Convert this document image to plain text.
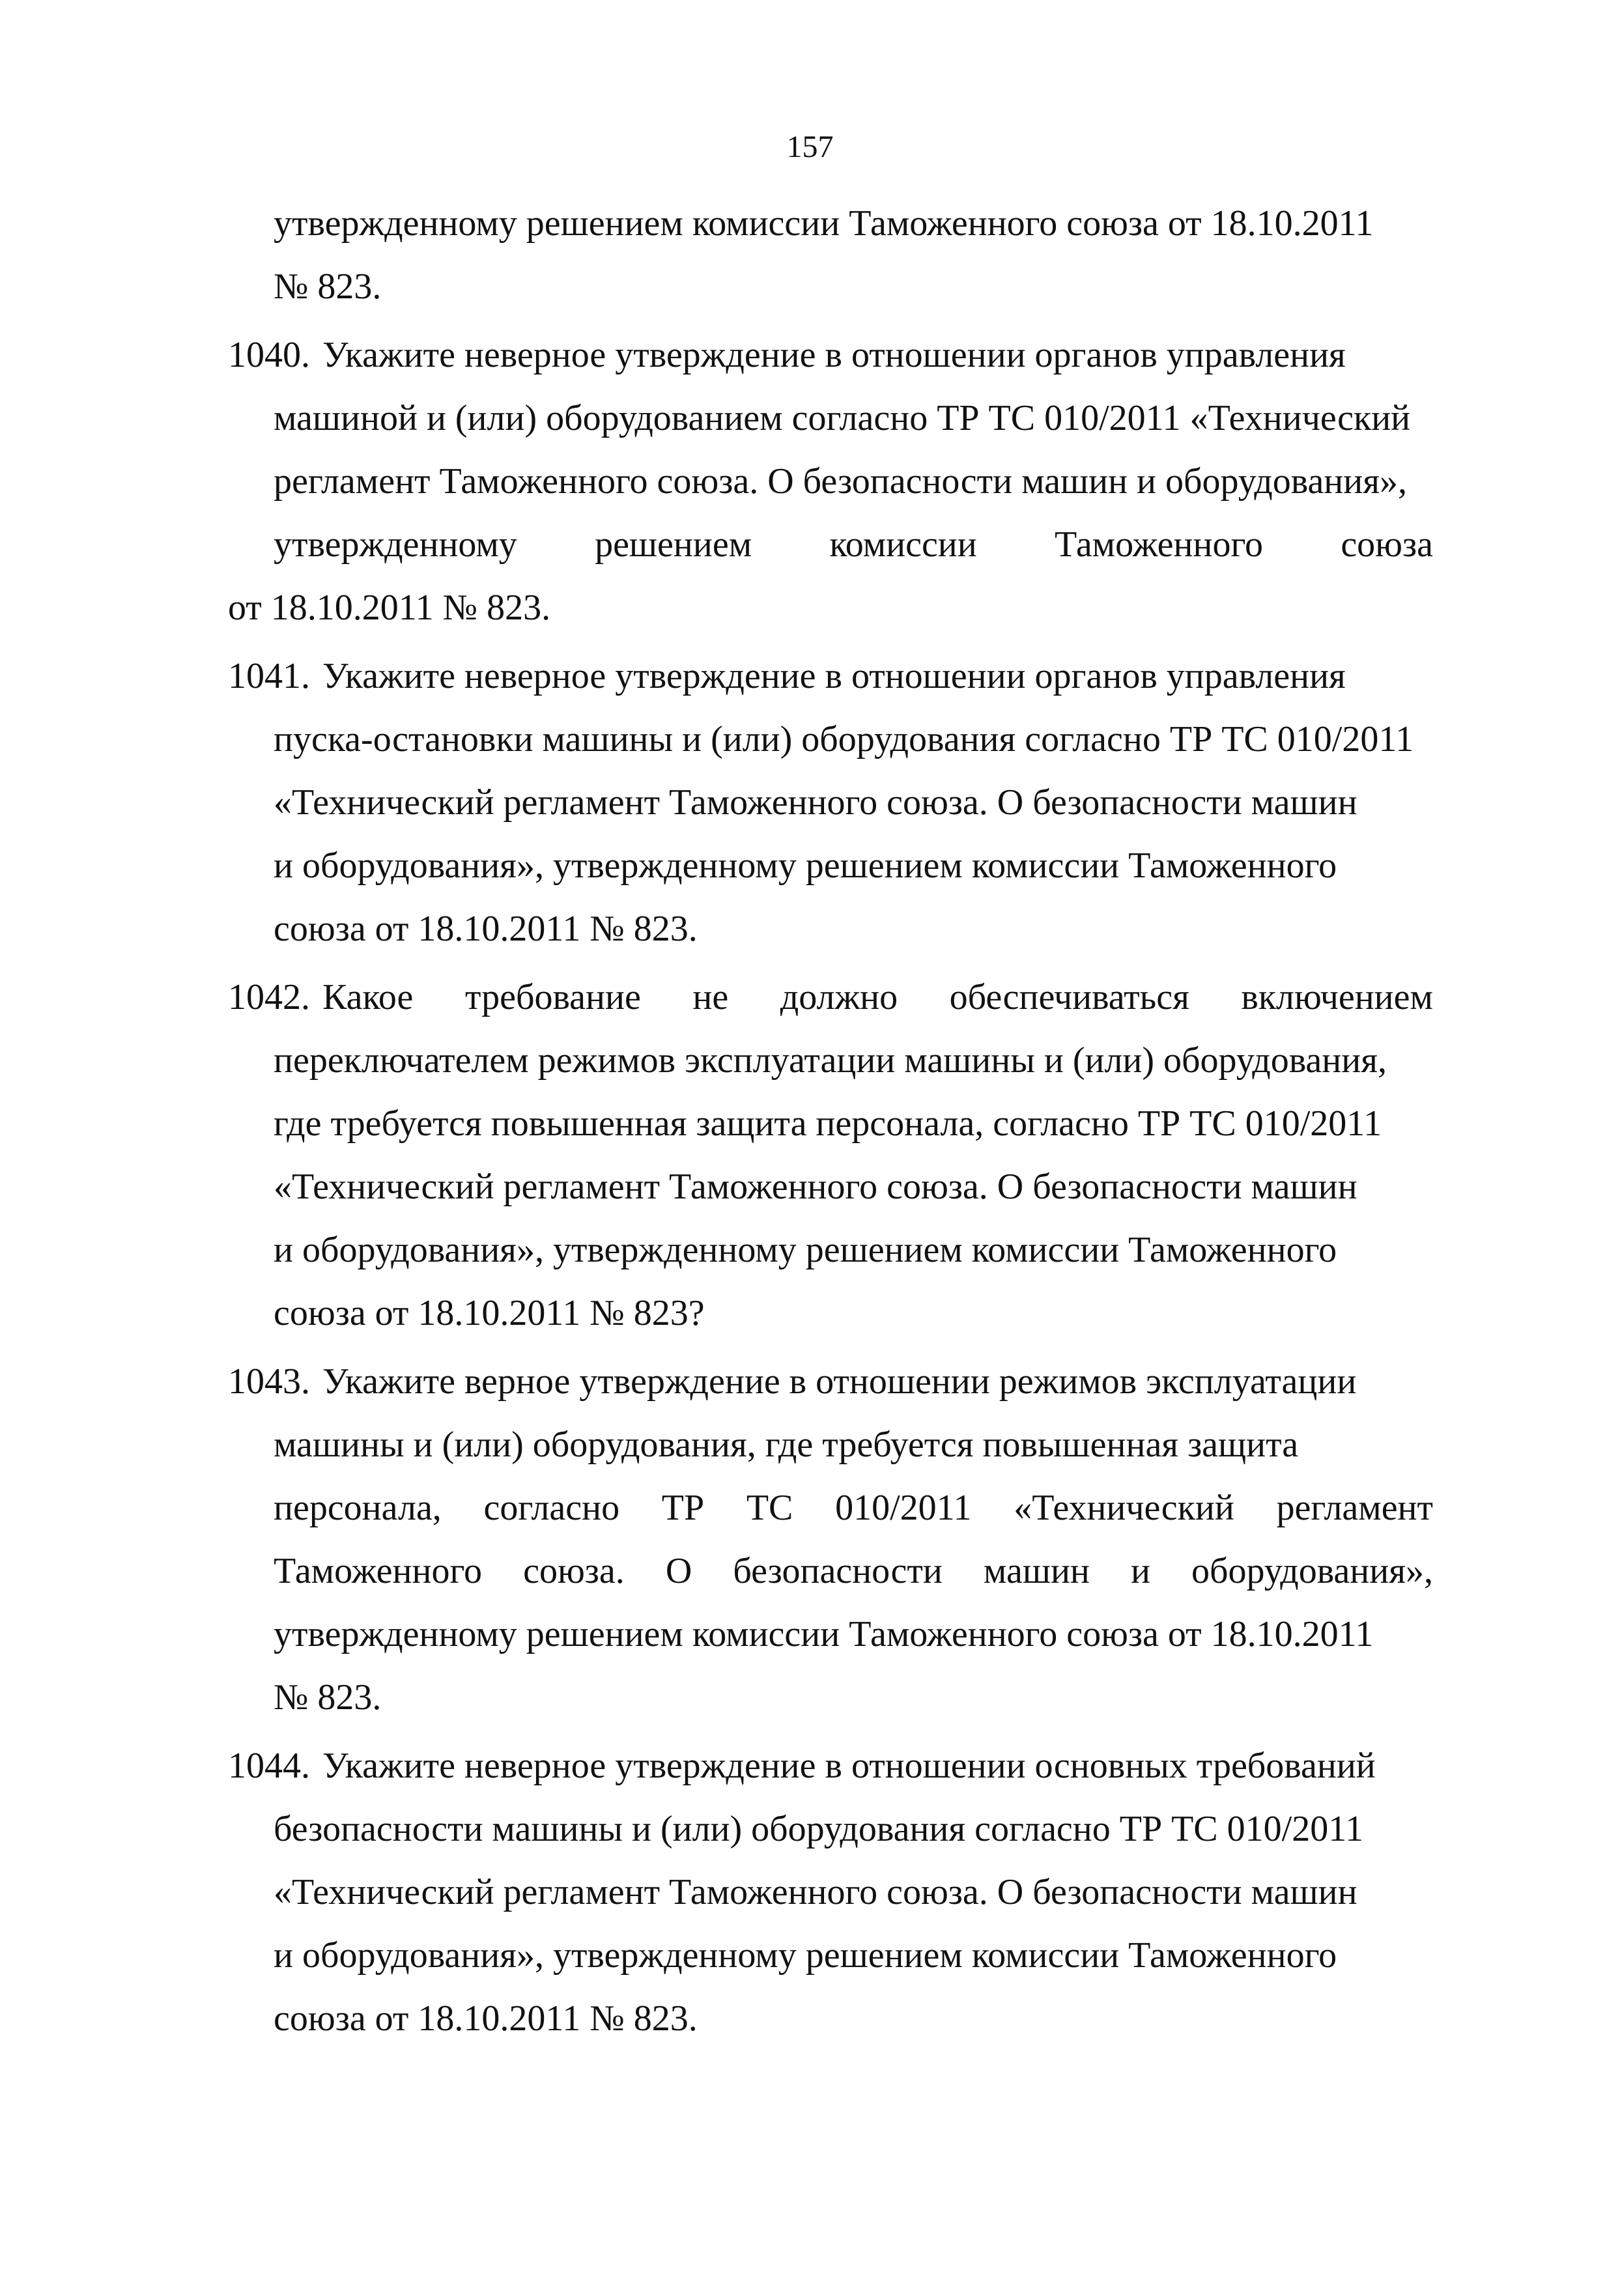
157
утвержденному решением комиссии Таможенного союза от 18.10.2011
№ 823.
1040. Укажите неверное утверждение в отношении органов управления
машиной и (или) оборудованием согласно ТР ТС 010/2011 «Технический
регламент Таможенного союза. О безопасности машин и оборудования»,
утвержденному решением комиссии Таможенного союза
от 18.10.2011 № 823.
1041. Укажите неверное утверждение в отношении органов управления
пуска-остановки машины и (или) оборудования согласно ТР ТС 010/2011
«Технический регламент Таможенного союза. О безопасности машин
и оборудования», утвержденному решением комиссии Таможенного
союза от 18.10.2011 № 823.
1042. Какое требование не должно обеспечиваться включением
переключателем режимов эксплуатации машины и (или) оборудования,
где требуется повышенная защита персонала, согласно ТР ТС 010/2011
«Технический регламент Таможенного союза. О безопасности машин
и оборудования», утвержденному решением комиссии Таможенного
союза от 18.10.2011 № 823?
1043. Укажите верное утверждение в отношении режимов эксплуатации
машины и (или) оборудования, где требуется повышенная защита
персонала, согласно ТР ТС 010/2011 «Технический регламент
Таможенного союза. О безопасности машин и оборудования»,
утвержденному решением комиссии Таможенного союза от 18.10.2011
№ 823.
1044. Укажите неверное утверждение в отношении основных требований
безопасности машины и (или) оборудования согласно ТР ТС 010/2011
«Технический регламент Таможенного союза. О безопасности машин
и оборудования», утвержденному решением комиссии Таможенного
союза от 18.10.2011 № 823.
